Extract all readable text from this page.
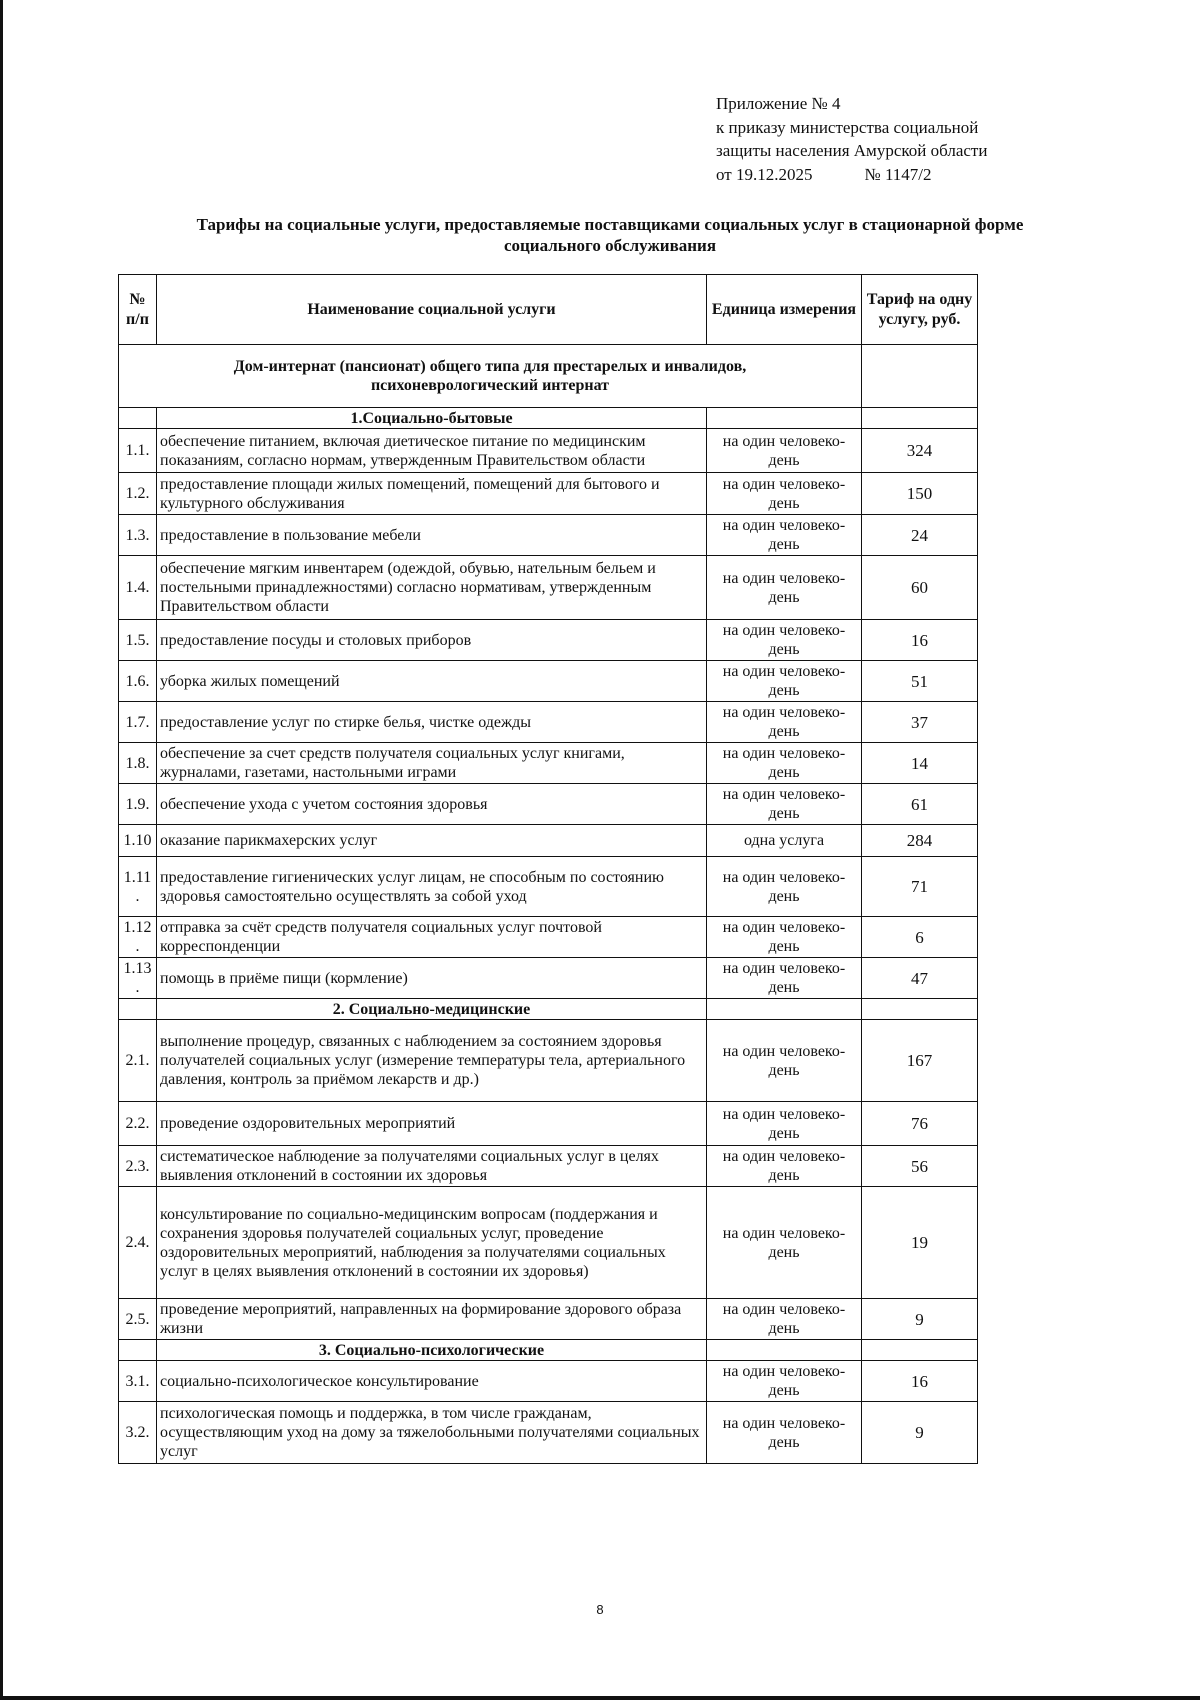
Приложение № 4
к приказу министерства социальной
защиты населения Амурской области
от 19.12.2025	№ 1147/2
Тарифы на социальные услуги, предоставляемые поставщиками социальных услуг в стационарной форме
социального обслуживания
№ п/п	Наименование социальной услуги	Единица измерения	Тариф на одну услугу, руб.

Дом-интернат (пансионат) общего типа для престарелых и инвалидов,
психоневрологический интернат			

	1.Социально-бытовые		
1.1.	обеспечение питанием, включая диетическое питание по медицинским показаниям, согласно нормам, утвержденным Правительством области	на один человеко-день	324
1.2.	предоставление площади жилых помещений, помещений для бытового и культурного обслуживания	на один человеко-день	150
1.3.	предоставление в пользование мебели	на один человеко-день	24
1.4.	обеспечение мягким инвентарем (одеждой, обувью, нательным бельем и постельными принадлежностями) согласно нормативам, утвержденным Правительством области	на один человеко-день	60
1.5.	предоставление посуды и столовых приборов	на один человеко-день	16
1.6.	уборка жилых помещений	на один человеко-день	51
1.7.	предоставление услуг по стирке белья, чистке одежды	на один человеко-день	37
1.8.	обеспечение за счет средств получателя социальных услуг книгами, журналами, газетами, настольными играми	на один человеко-день	14
1.9.	обеспечение ухода с учетом состояния здоровья	на один человеко-день	61
1.10	оказание парикмахерских услуг	одна услуга	284
1.11 .	предоставление гигиенических услуг лицам, не способным по состоянию здоровья самостоятельно осуществлять за собой уход	на один человеко-день	71
1.12 .	отправка за счёт средств получателя социальных услуг почтовой корреспонденции	на один человеко-день	6
1.13 .	помощь в приёме пищи (кормление)	на один человеко-день	47
	2. Социально-медицинские		
2.1.	выполнение процедур, связанных с наблюдением за состоянием здоровья получателей социальных услуг (измерение температуры тела, артериального давления, контроль за приёмом лекарств и др.)	на один человеко-день	167
2.2.	проведение оздоровительных мероприятий	на один человеко-день	76
2.3.	систематическое наблюдение за получателями социальных услуг в целях выявления отклонений в состоянии их здоровья	на один человеко-день	56
2.4.	консультирование по социально-медицинским вопросам (поддержания и сохранения здоровья получателей социальных услуг, проведение оздоровительных мероприятий, наблюдения за получателями социальных услуг в целях выявления отклонений в состоянии их здоровья)	на один человеко-день	19
2.5.	проведение мероприятий, направленных на формирование здорового образа жизни	на один человеко-день	9
	3. Социально-психологические		
3.1.	социально-психологическое консультирование	на один человеко-день	16
3.2.	психологическая помощь и поддержка, в том числе гражданам, осуществляющим уход на дому за тяжелобольными получателями социальных услуг	на один человеко-день	9
8
